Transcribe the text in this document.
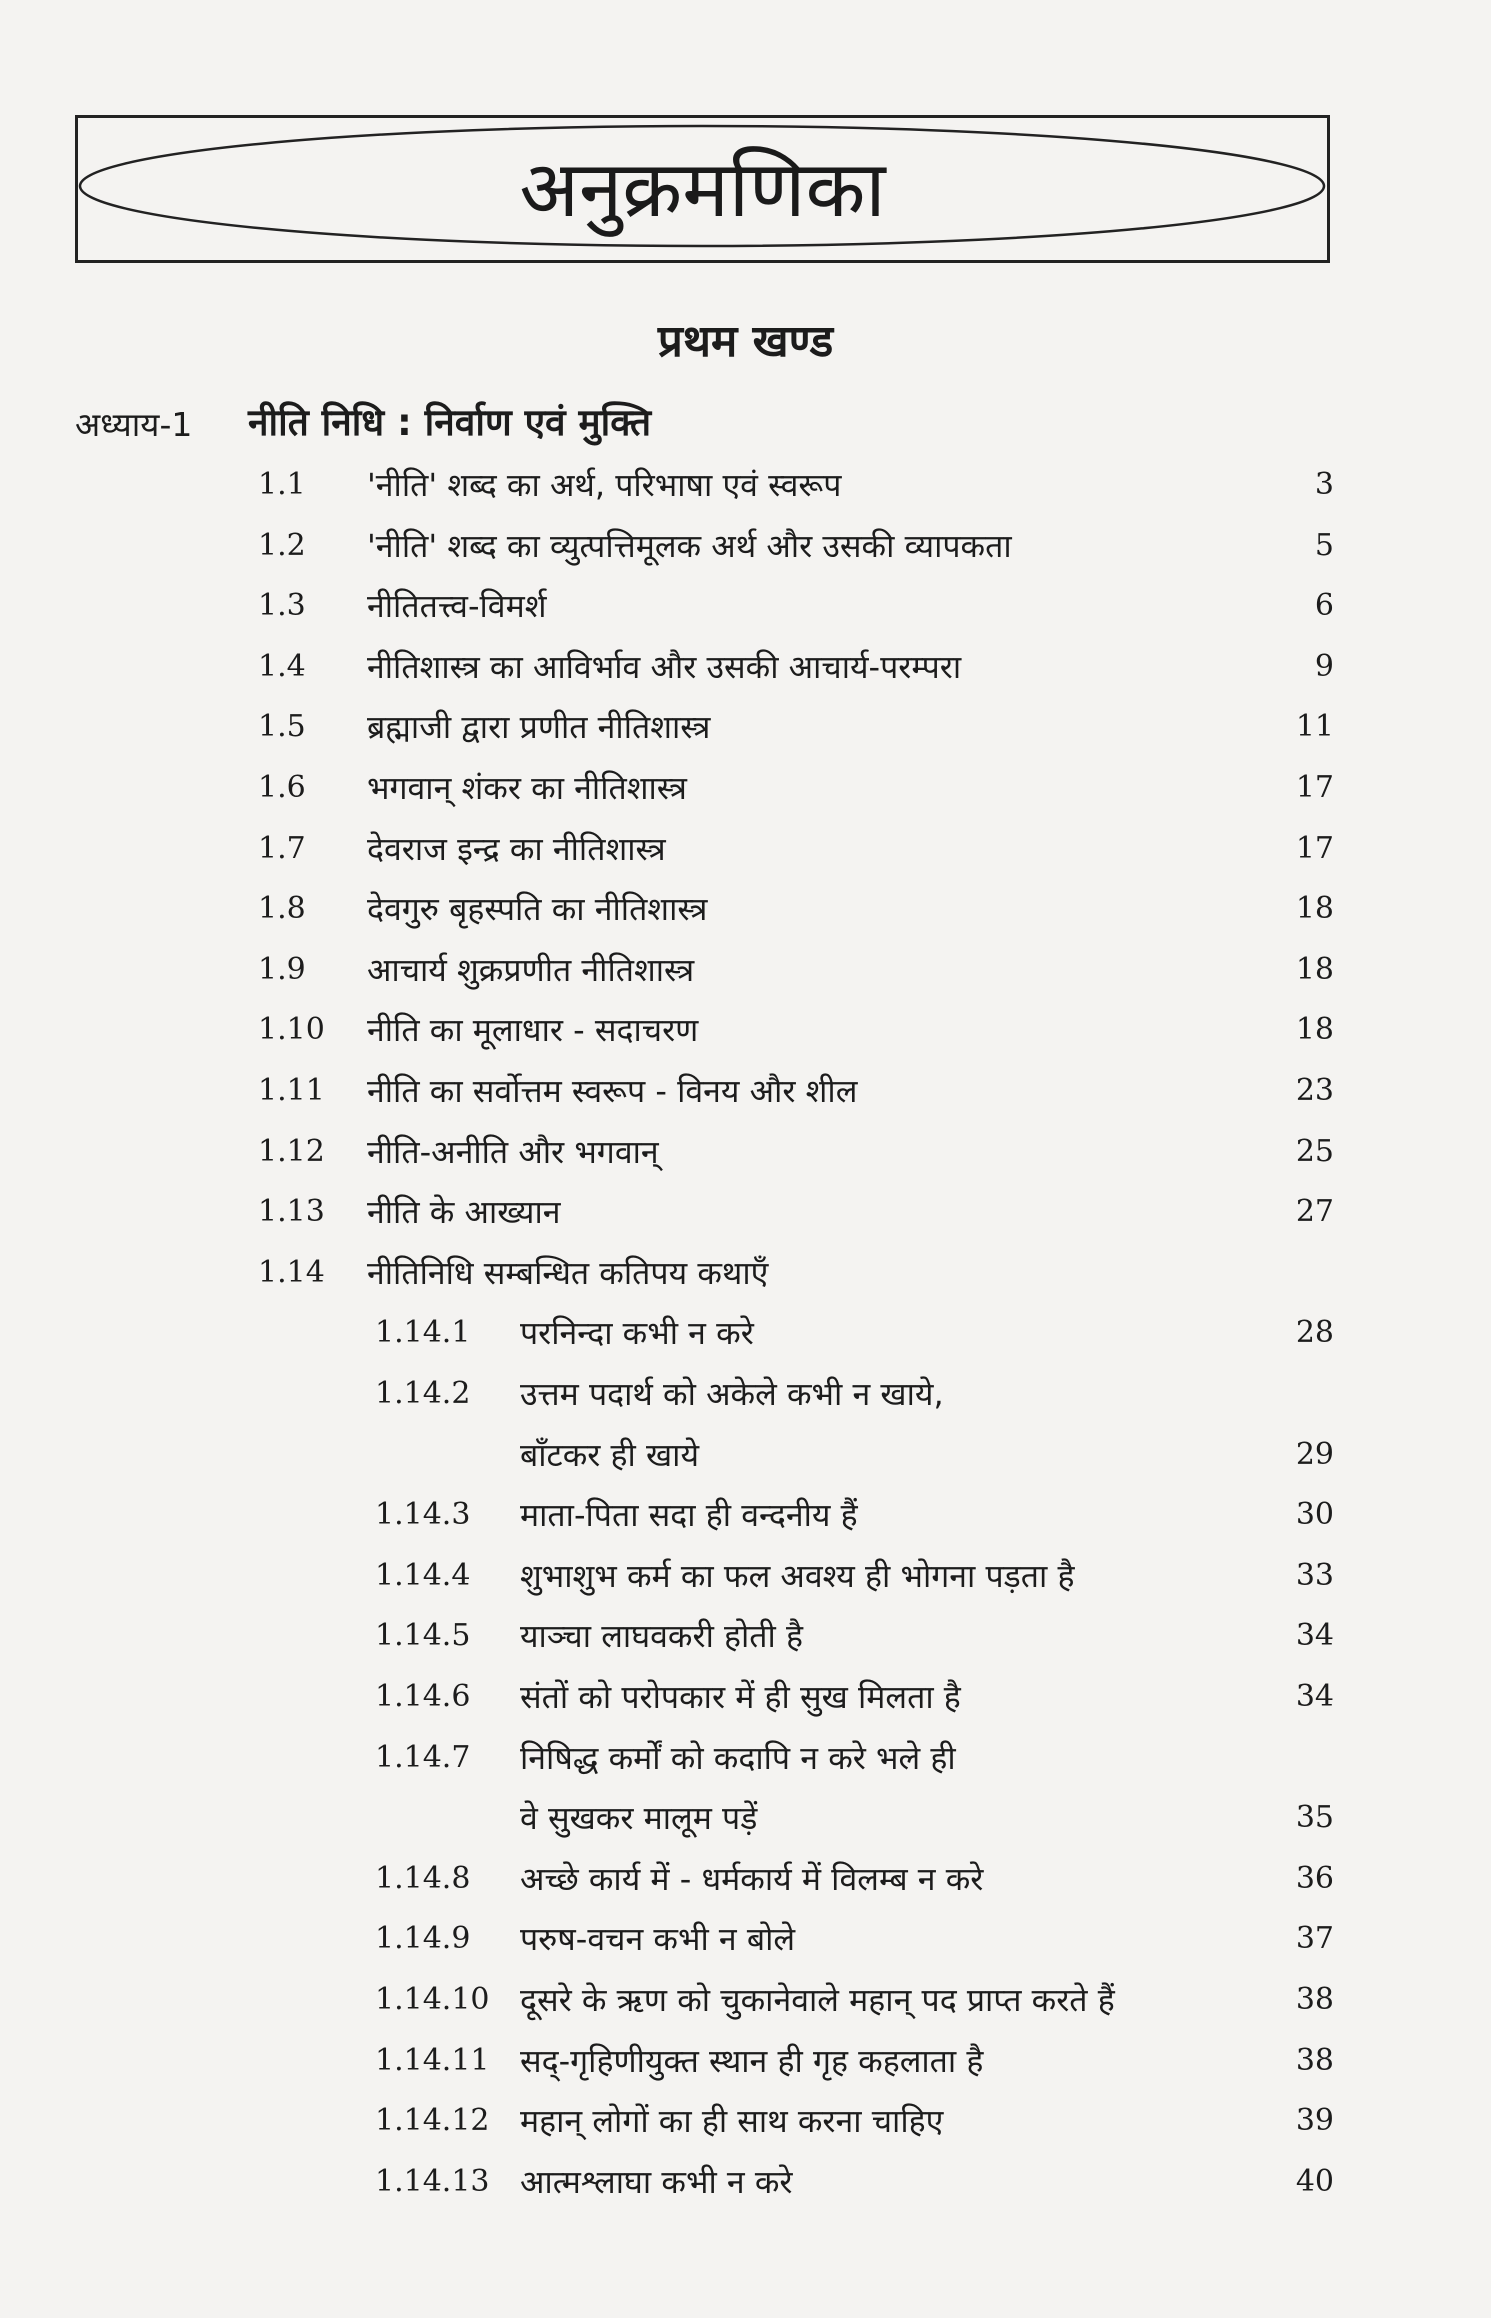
अनुक्रमणिका
प्रथम खण्ड
अध्याय-1 नीति निधि : निर्वाण एवं मुक्ति
1.1 'नीति' शब्द का अर्थ, परिभाषा एवं स्वरूप	3
1.2 'नीति' शब्द का व्युत्पत्तिमूलक अर्थ और उसकी व्यापकता	5
1.3 नीतितत्त्व-विमर्श	6
1.4 नीतिशास्त्र का आविर्भाव और उसकी आचार्य-परम्परा	9
1.5 ब्रह्माजी द्वारा प्रणीत नीतिशास्त्र	11
1.6 भगवान् शंकर का नीतिशास्त्र	17
1.7 देवराज इन्द्र का नीतिशास्त्र	17
1.8 देवगुरु बृहस्पति का नीतिशास्त्र	18
1.9 आचार्य शुक्रप्रणीत नीतिशास्त्र	18
1.10 नीति का मूलाधार - सदाचरण	18
1.11 नीति का सर्वोत्तम स्वरूप - विनय और शील	23
1.12 नीति-अनीति और भगवान्	25
1.13 नीति के आख्यान	27
1.14 नीतिनिधि सम्बन्धित कतिपय कथाएँ
1.14.1 परनिन्दा कभी न करे	28
1.14.2 उत्तम पदार्थ को अकेले कभी न खाये,
बाँटकर ही खाये	29
1.14.3 माता-पिता सदा ही वन्दनीय हैं	30
1.14.4 शुभाशुभ कर्म का फल अवश्य ही भोगना पड़ता है	33
1.14.5 याञ्चा लाघवकरी होती है	34
1.14.6 संतों को परोपकार में ही सुख मिलता है	34
1.14.7 निषिद्ध कर्मों को कदापि न करे भले ही
वे सुखकर मालूम पड़ें	35
1.14.8 अच्छे कार्य में - धर्मकार्य में विलम्ब न करे	36
1.14.9 परुष-वचन कभी न बोले	37
1.14.10 दूसरे के ऋण को चुकानेवाले महान् पद प्राप्त करते हैं	38
1.14.11 सद्-गृहिणीयुक्त स्थान ही गृह कहलाता है	38
1.14.12 महान् लोगों का ही साथ करना चाहिए	39
1.14.13 आत्मश्लाघा कभी न करे	40
